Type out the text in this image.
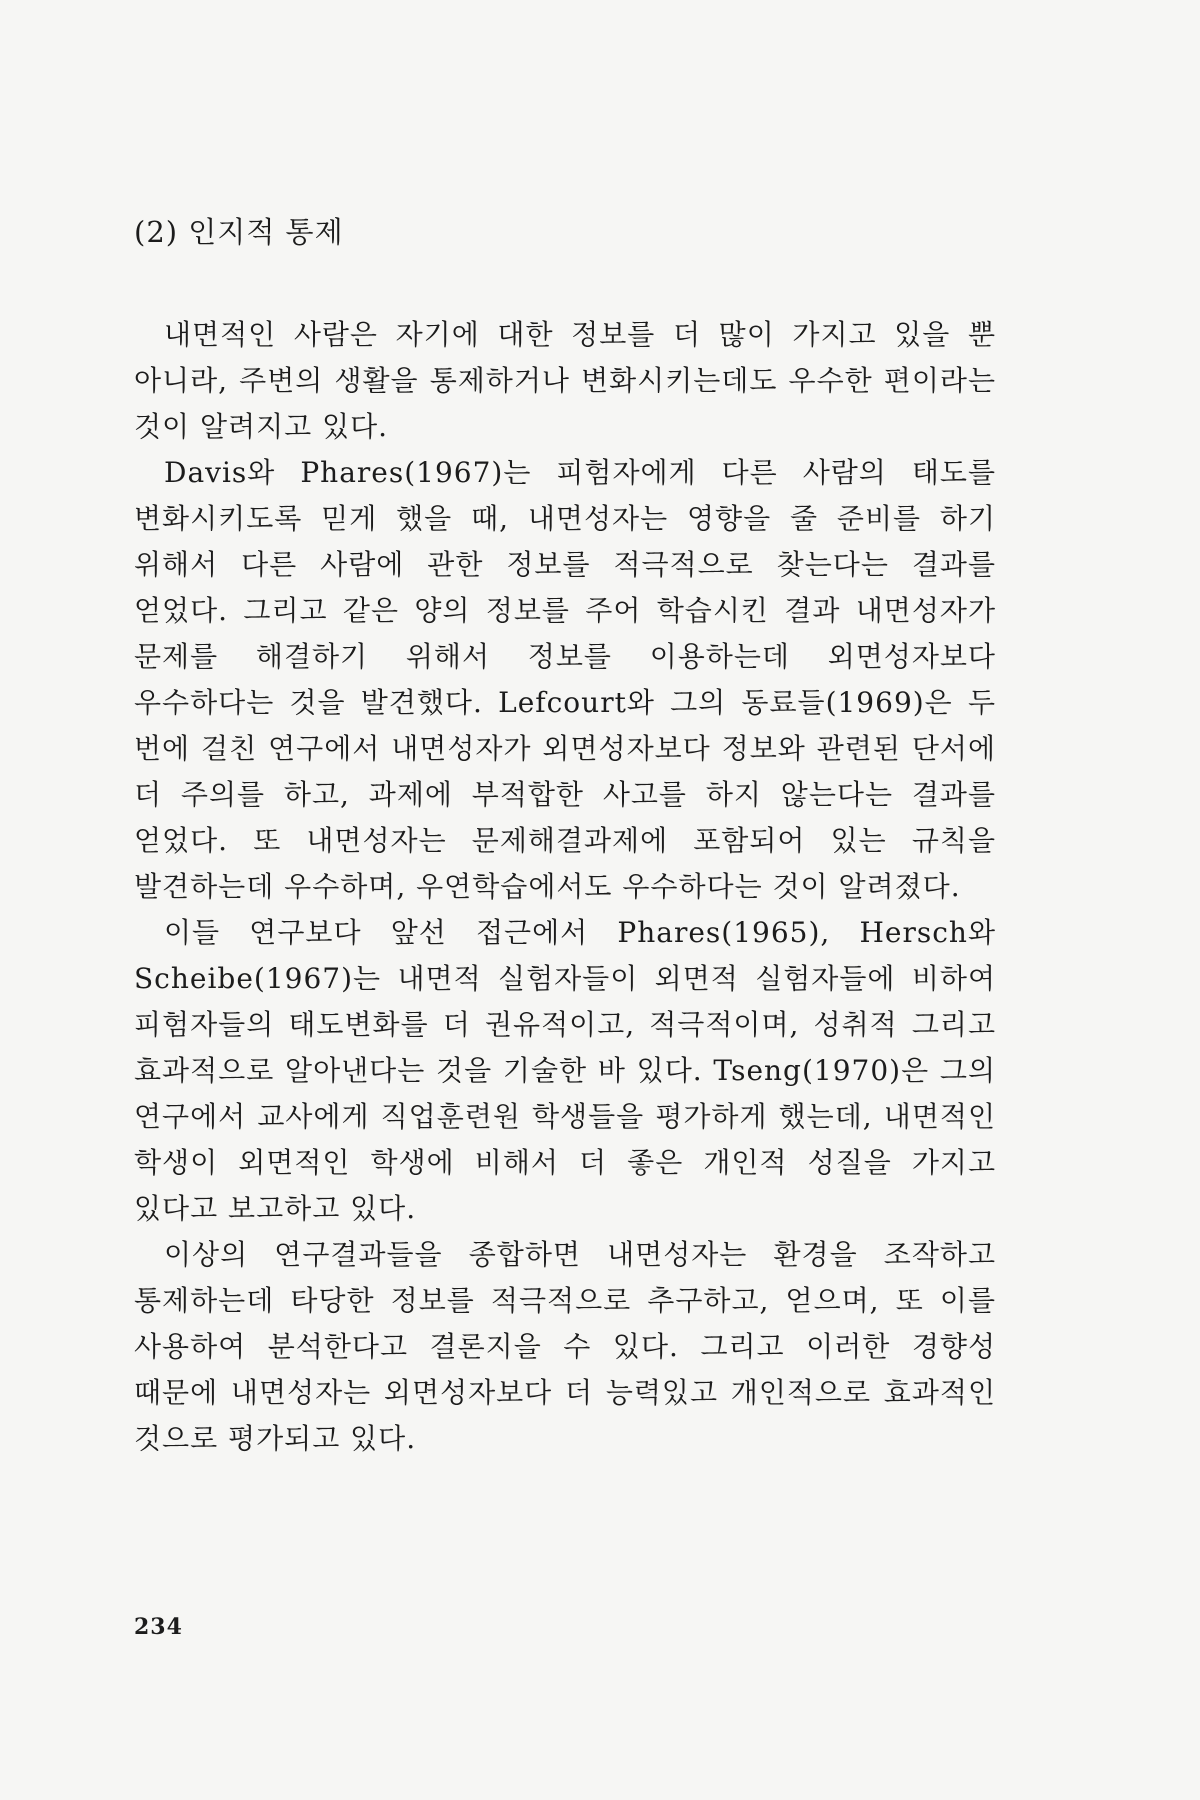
(2) 인지적 통제

내면적인 사람은 자기에 대한 정보를 더 많이 가지고 있을 뿐 아니라, 주변의 생활을 통제하거나 변화시키는데도 우수한 편이라는 것이 알려지고 있다.

Davis와 Phares(1967)는 피험자에게 다른 사람의 태도를 변화시키도록 믿게 했을 때, 내면성자는 영향을 줄 준비를 하기 위해서 다른 사람에 관한 정보를 적극적으로 찾는다는 결과를 얻었다. 그리고 같은 양의 정보를 주어 학습시킨 결과 내면성자가 문제를 해결하기 위해서 정보를 이용하는데 외면성자보다 우수하다는 것을 발견했다. Lefcourt와 그의 동료들(1969)은 두 번에 걸친 연구에서 내면성자가 외면성자보다 정보와 관련된 단서에 더 주의를 하고, 과제에 부적합한 사고를 하지 않는다는 결과를 얻었다. 또 내면성자는 문제해결과제에 포함되어 있는 규칙을 발견하는데 우수하며, 우연학습에서도 우수하다는 것이 알려졌다.

이들 연구보다 앞선 접근에서 Phares(1965), Hersch와 Scheibe(1967)는 내면적 실험자들이 외면적 실험자들에 비하여 피험자들의 태도변화를 더 권유적이고, 적극적이며, 성취적 그리고 효과적으로 알아낸다는 것을 기술한 바 있다. Tseng(1970)은 그의 연구에서 교사에게 직업훈련원 학생들을 평가하게 했는데, 내면적인 학생이 외면적인 학생에 비해서 더 좋은 개인적 성질을 가지고 있다고 보고하고 있다.

이상의 연구결과들을 종합하면 내면성자는 환경을 조작하고 통제하는데 타당한 정보를 적극적으로 추구하고, 얻으며, 또 이를 사용하여 분석한다고 결론지을 수 있다. 그리고 이러한 경향성 때문에 내면성자는 외면성자보다 더 능력있고 개인적으로 효과적인 것으로 평가되고 있다.

234
